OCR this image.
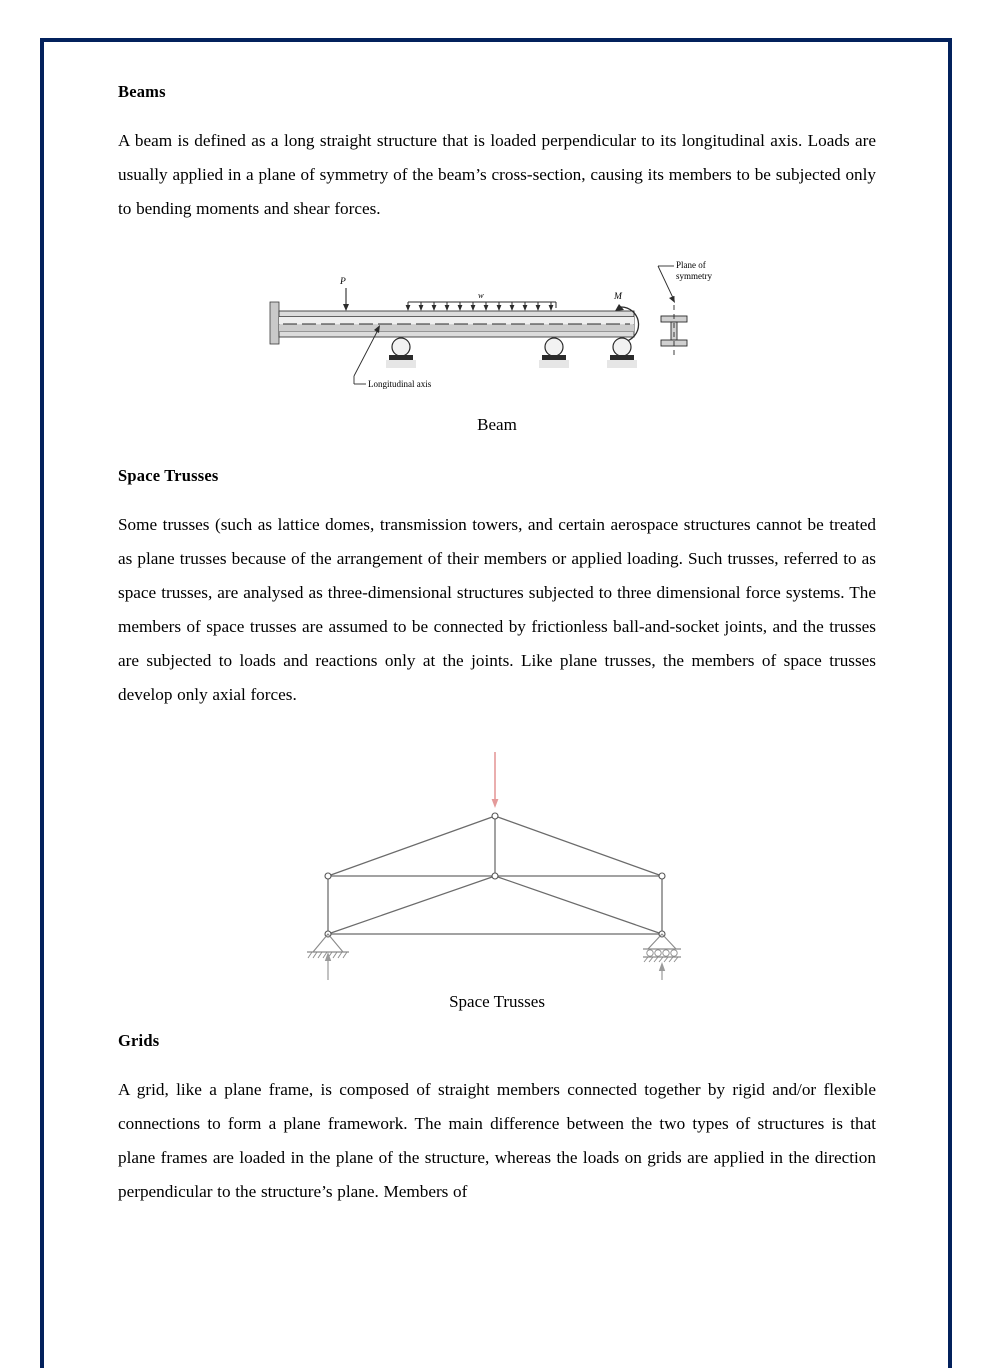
Beams

A beam is defined as a long straight structure that is loaded perpendicular to its longitudinal axis. Loads are usually applied in a plane of symmetry of the beam’s cross-section, causing its members to be subjected only to bending moments and shear forces.

P
w	M
Longitudinal axis
Plane of
symmetry
Beam
Space Trusses

Some trusses (such as lattice domes, transmission towers, and certain aerospace structures cannot be treated as plane trusses because of the arrangement of their members or applied loading. Such trusses, referred to as space trusses, are analysed as three-dimensional structures subjected to three dimensional force systems. The members of space trusses are assumed to be connected by frictionless ball-and-socket joints, and the trusses are subjected to loads and reactions only at the joints. Like plane trusses, the members of space trusses develop only axial forces.

Space Trusses
Grids

A grid, like a plane frame, is composed of straight members connected together by rigid and/or flexible connections to form a plane framework. The main difference between the two types of structures is that plane frames are loaded in the plane of the structure, whereas the loads on grids are applied in the direction perpendicular to the structure’s plane. Members of
